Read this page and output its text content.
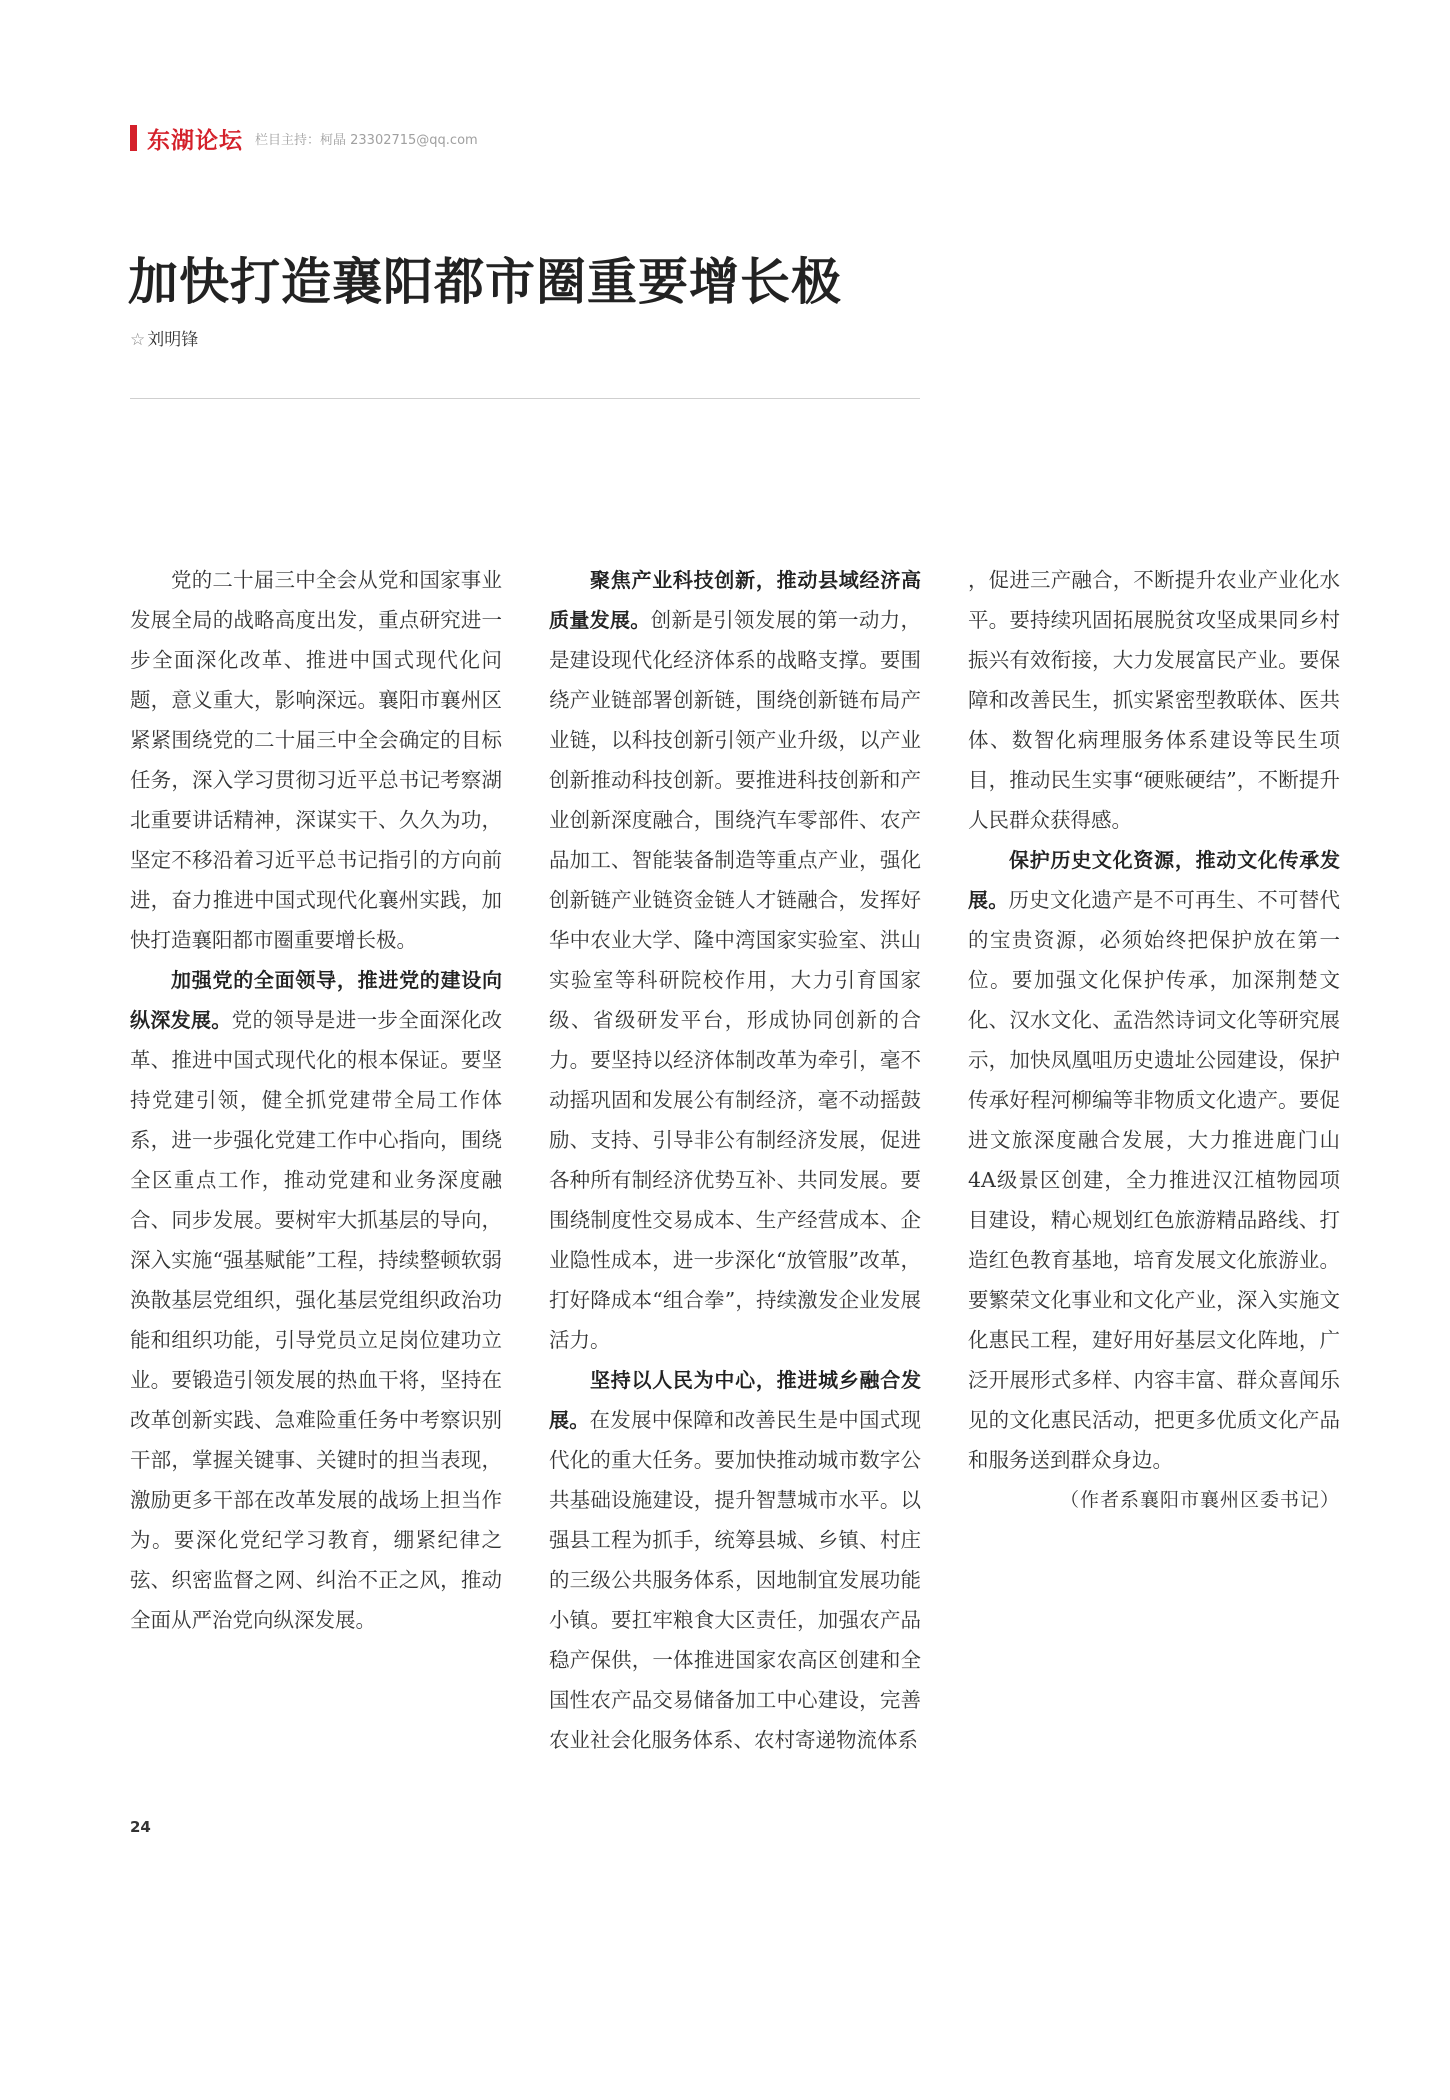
东湖论坛 栏目主持：柯晶 23302715@qq.com
加快打造襄阳都市圈重要增长极
☆ 刘明锋

党的二十届三中全会从党和国家事业发展全局的战略高度出发，重点研究进一步全面深化改革、推进中国式现代化问题，意义重大，影响深远。襄阳市襄州区紧紧围绕党的二十届三中全会确定的目标任务，深入学习贯彻习近平总书记考察湖北重要讲话精神，深谋实干、久久为功，坚定不移沿着习近平总书记指引的方向前进，奋力推进中国式现代化襄州实践，加快打造襄阳都市圈重要增长极。

加强党的全面领导，推进党的建设向纵深发展。党的领导是进一步全面深化改革、推进中国式现代化的根本保证。要坚持党建引领，健全抓党建带全局工作体系，进一步强化党建工作中心指向，围绕全区重点工作，推动党建和业务深度融合、同步发展。要树牢大抓基层的导向，深入实施“强基赋能”工程，持续整顿软弱涣散基层党组织，强化基层党组织政治功能和组织功能，引导党员立足岗位建功立业。要锻造引领发展的热血干将，坚持在改革创新实践、急难险重任务中考察识别干部，掌握关键事、关键时的担当表现，激励更多干部在改革发展的战场上担当作为。要深化党纪学习教育，绷紧纪律之弦、织密监督之网、纠治不正之风，推动全面从严治党向纵深发展。

聚焦产业科技创新，推动县域经济高质量发展。创新是引领发展的第一动力，是建设现代化经济体系的战略支撑。要围绕产业链部署创新链，围绕创新链布局产业链，以科技创新引领产业升级，以产业创新推动科技创新。要推进科技创新和产业创新深度融合，围绕汽车零部件、农产品加工、智能装备制造等重点产业，强化创新链产业链资金链人才链融合，发挥好华中农业大学、隆中湾国家实验室、洪山实验室等科研院校作用，大力引育国家级、省级研发平台，形成协同创新的合力。要坚持以经济体制改革为牵引，毫不动摇巩固和发展公有制经济，毫不动摇鼓励、支持、引导非公有制经济发展，促进各种所有制经济优势互补、共同发展。要围绕制度性交易成本、生产经营成本、企业隐性成本，进一步深化“放管服”改革，打好降成本“组合拳”，持续激发企业发展活力。

坚持以人民为中心，推进城乡融合发展。在发展中保障和改善民生是中国式现代化的重大任务。要加快推动城市数字公共基础设施建设，提升智慧城市水平。以强县工程为抓手，统筹县城、乡镇、村庄的三级公共服务体系，因地制宜发展功能小镇。要扛牢粮食大区责任，加强农产品稳产保供，一体推进国家农高区创建和全国性农产品交易储备加工中心建设，完善农业社会化服务体系、农村寄递物流体系

，促进三产融合，不断提升农业产业化水平。要持续巩固拓展脱贫攻坚成果同乡村振兴有效衔接，大力发展富民产业。要保障和改善民生，抓实紧密型教联体、医共体、数智化病理服务体系建设等民生项目，推动民生实事“硬账硬结”，不断提升人民群众获得感。

保护历史文化资源，推动文化传承发展。历史文化遗产是不可再生、不可替代的宝贵资源，必须始终把保护放在第一位。要加强文化保护传承，加深荆楚文化、汉水文化、孟浩然诗词文化等研究展示，加快凤凰咀历史遗址公园建设，保护传承好程河柳编等非物质文化遗产。要促进文旅深度融合发展，大力推进鹿门山4A级景区创建，全力推进汉江植物园项目建设，精心规划红色旅游精品路线、打造红色教育基地，培育发展文化旅游业。要繁荣文化事业和文化产业，深入实施文化惠民工程，建好用好基层文化阵地，广泛开展形式多样、内容丰富、群众喜闻乐见的文化惠民活动，把更多优质文化产品和服务送到群众身边。

（作者系襄阳市襄州区委书记）

24
